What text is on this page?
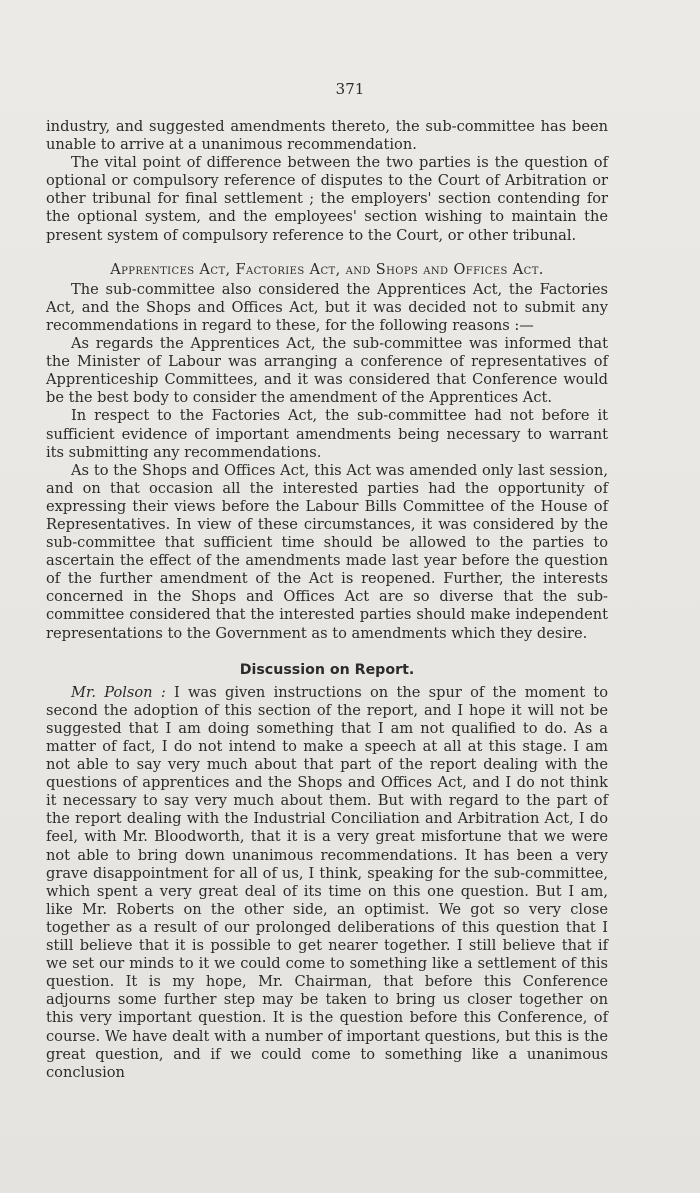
371

industry, and suggested amendments thereto, the sub-committee has been unable to arrive at a unanimous recommendation.

The vital point of difference between the two parties is the question of optional or compulsory reference of disputes to the Court of Arbitration or other tribunal for final settlement ; the employers' section contending for the optional system, and the employees' section wishing to maintain the present system of compulsory reference to the Court, or other tribunal.

Apprentices Act, Factories Act, and Shops and Offices Act.

The sub-committee also considered the Apprentices Act, the Factories Act, and the Shops and Offices Act, but it was decided not to submit any recommendations in regard to these, for the following reasons :—

As regards the Apprentices Act, the sub-committee was informed that the Minister of Labour was arranging a conference of representatives of Apprenticeship Committees, and it was considered that Conference would be the best body to consider the amendment of the Apprentices Act.

In respect to the Factories Act, the sub-committee had not before it sufficient evidence of important amendments being necessary to warrant its submitting any recommendations.

As to the Shops and Offices Act, this Act was amended only last session, and on that occasion all the interested parties had the opportunity of expressing their views before the Labour Bills Committee of the House of Representatives. In view of these circumstances, it was considered by the sub-committee that sufficient time should be allowed to the parties to ascertain the effect of the amendments made last year before the question of the further amendment of the Act is reopened. Further, the interests concerned in the Shops and Offices Act are so diverse that the sub-committee considered that the interested parties should make independent representations to the Government as to amendments which they desire.

Discussion on Report.

Mr. Polson : I was given instructions on the spur of the moment to second the adoption of this section of the report, and I hope it will not be suggested that I am doing something that I am not qualified to do. As a matter of fact, I do not intend to make a speech at all at this stage. I am not able to say very much about that part of the report dealing with the questions of apprentices and the Shops and Offices Act, and I do not think it necessary to say very much about them. But with regard to the part of the report dealing with the Industrial Conciliation and Arbitration Act, I do feel, with Mr. Bloodworth, that it is a very great misfortune that we were not able to bring down unanimous recommendations. It has been a very grave disappointment for all of us, I think, speaking for the sub-committee, which spent a very great deal of its time on this one question. But I am, like Mr. Roberts on the other side, an optimist. We got so very close together as a result of our prolonged deliberations of this question that I still believe that it is possible to get nearer together. I still believe that if we set our minds to it we could come to something like a settlement of this question. It is my hope, Mr. Chairman, that before this Conference adjourns some further step may be taken to bring us closer together on this very important question. It is the question before this Conference, of course. We have dealt with a number of important questions, but this is the great question, and if we could come to something like a unanimous conclusion
